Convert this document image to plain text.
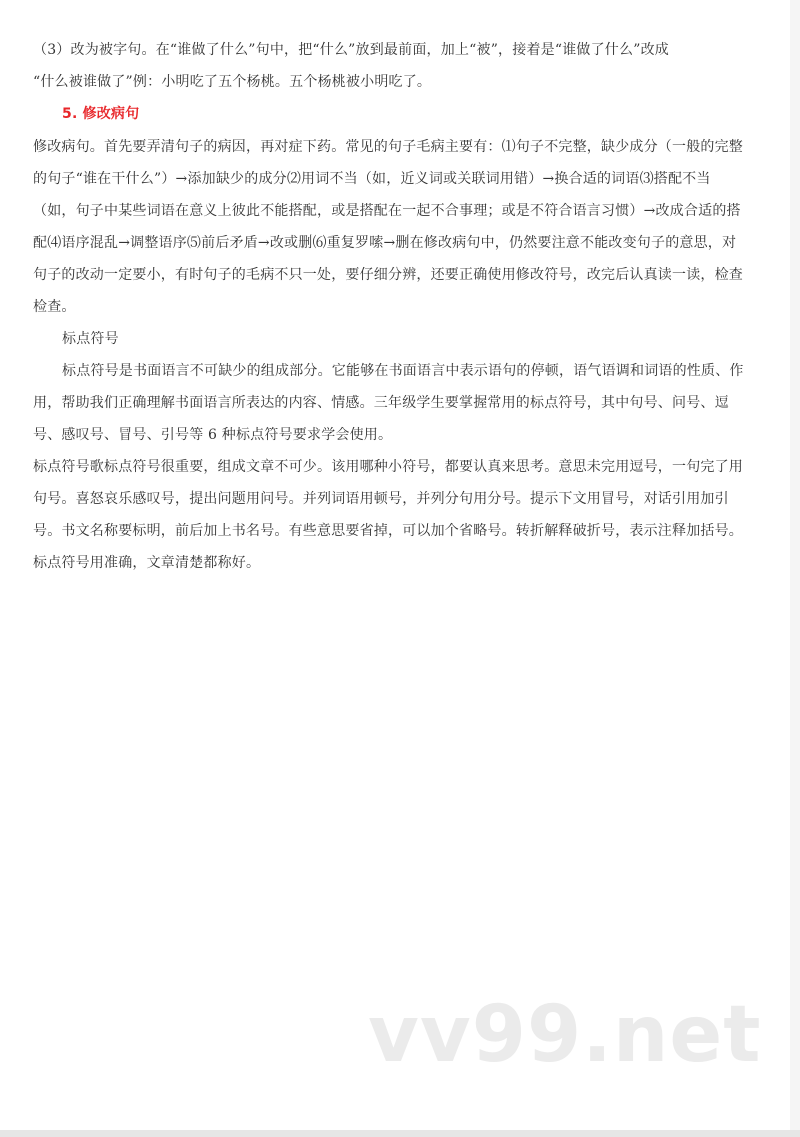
（3）改为被字句。在“谁做了什么”句中，把“什么”放到最前面，加上“被”，接着是“谁做了什么”改成
“什么被谁做了”例：小明吃了五个杨桃。五个杨桃被小明吃了。
5. 修改病句
修改病句。首先要弄清句子的病因，再对症下药。常见的句子毛病主要有：⑴句子不完整，缺少成分（一般的完整
的句子“谁在干什么”）→添加缺少的成分⑵用词不当（如，近义词或关联词用错）→换合适的词语⑶搭配不当
（如，句子中某些词语在意义上彼此不能搭配，或是搭配在一起不合事理；或是不符合语言习惯）→改成合适的搭
配⑷语序混乱→调整语序⑸前后矛盾→改或删⑹重复罗嗦→删在修改病句中，仍然要注意不能改变句子的意思，对
句子的改动一定要小，有时句子的毛病不只一处，要仔细分辨，还要正确使用修改符号，改完后认真读一读，检查
检查。
标点符号
标点符号是书面语言不可缺少的组成部分。它能够在书面语言中表示语句的停顿，语气语调和词语的性质、作
用，帮助我们正确理解书面语言所表达的内容、情感。三年级学生要掌握常用的标点符号，其中句号、问号、逗
号、感叹号、冒号、引号等 6 种标点符号要求学会使用。
标点符号歌标点符号很重要，组成文章不可少。该用哪种小符号，都要认真来思考。意思未完用逗号，一句完了用
句号。喜怒哀乐感叹号，提出问题用问号。并列词语用顿号，并列分句用分号。提示下文用冒号，对话引用加引
号。书文名称要标明，前后加上书名号。有些意思要省掉，可以加个省略号。转折解释破折号，表示注释加括号。
标点符号用准确，文章清楚都称好。
vv99.net
